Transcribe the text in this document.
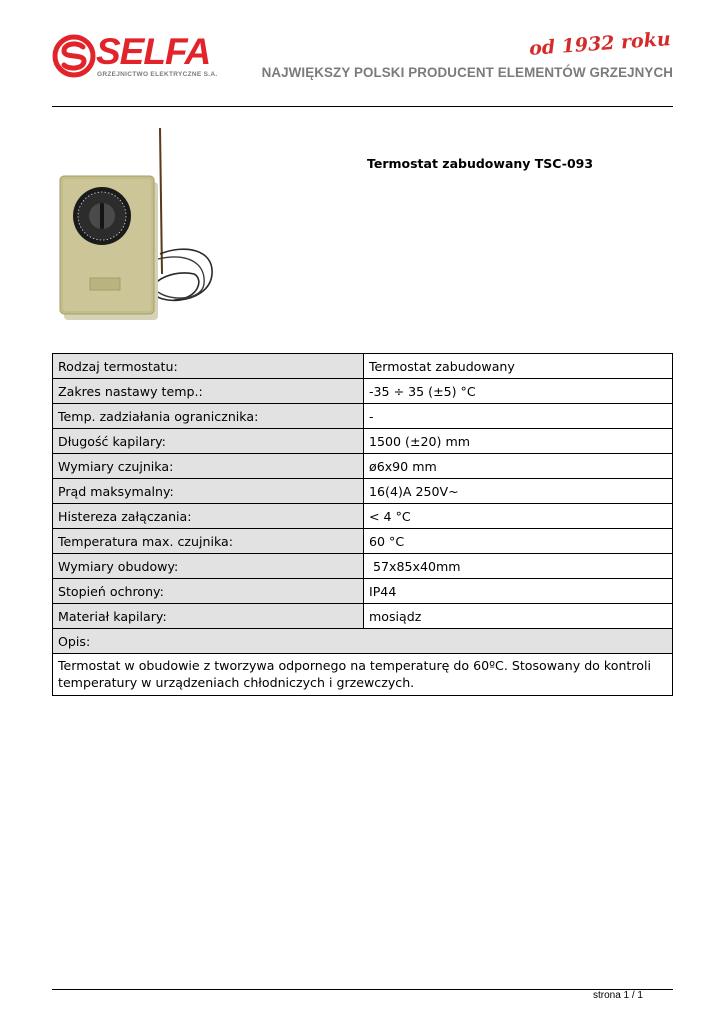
SELFA
GRZEJNICTWO ELEKTRYCZNE S.A.
od 1932 roku
NAJWIĘKSZY POLSKI PRODUCENT ELEMENTÓW GRZEJNYCH
Termostat zabudowany TSC-093
Rodzaj termostatu:	Termostat zabudowany
Zakres nastawy temp.:	-35 ÷ 35 (±5) °C
Temp. zadziałania ogranicznika:	-
Długość kapilary:	1500 (±20) mm
Wymiary czujnika:	ø6x90 mm
Prąd maksymalny:	16(4)A 250V~
Histereza załączania:	< 4 °C
Temperatura max. czujnika:	60 °C
Wymiary obudowy:	57x85x40mm
Stopień ochrony:	IP44
Materiał kapilary:	mosiądz
Opis:	
Termostat w obudowie z tworzywa odpornego na temperaturę do 60ºC. Stosowany do kontroli temperatury w urządzeniach chłodniczych i grzewczych.	
strona 1 / 1
